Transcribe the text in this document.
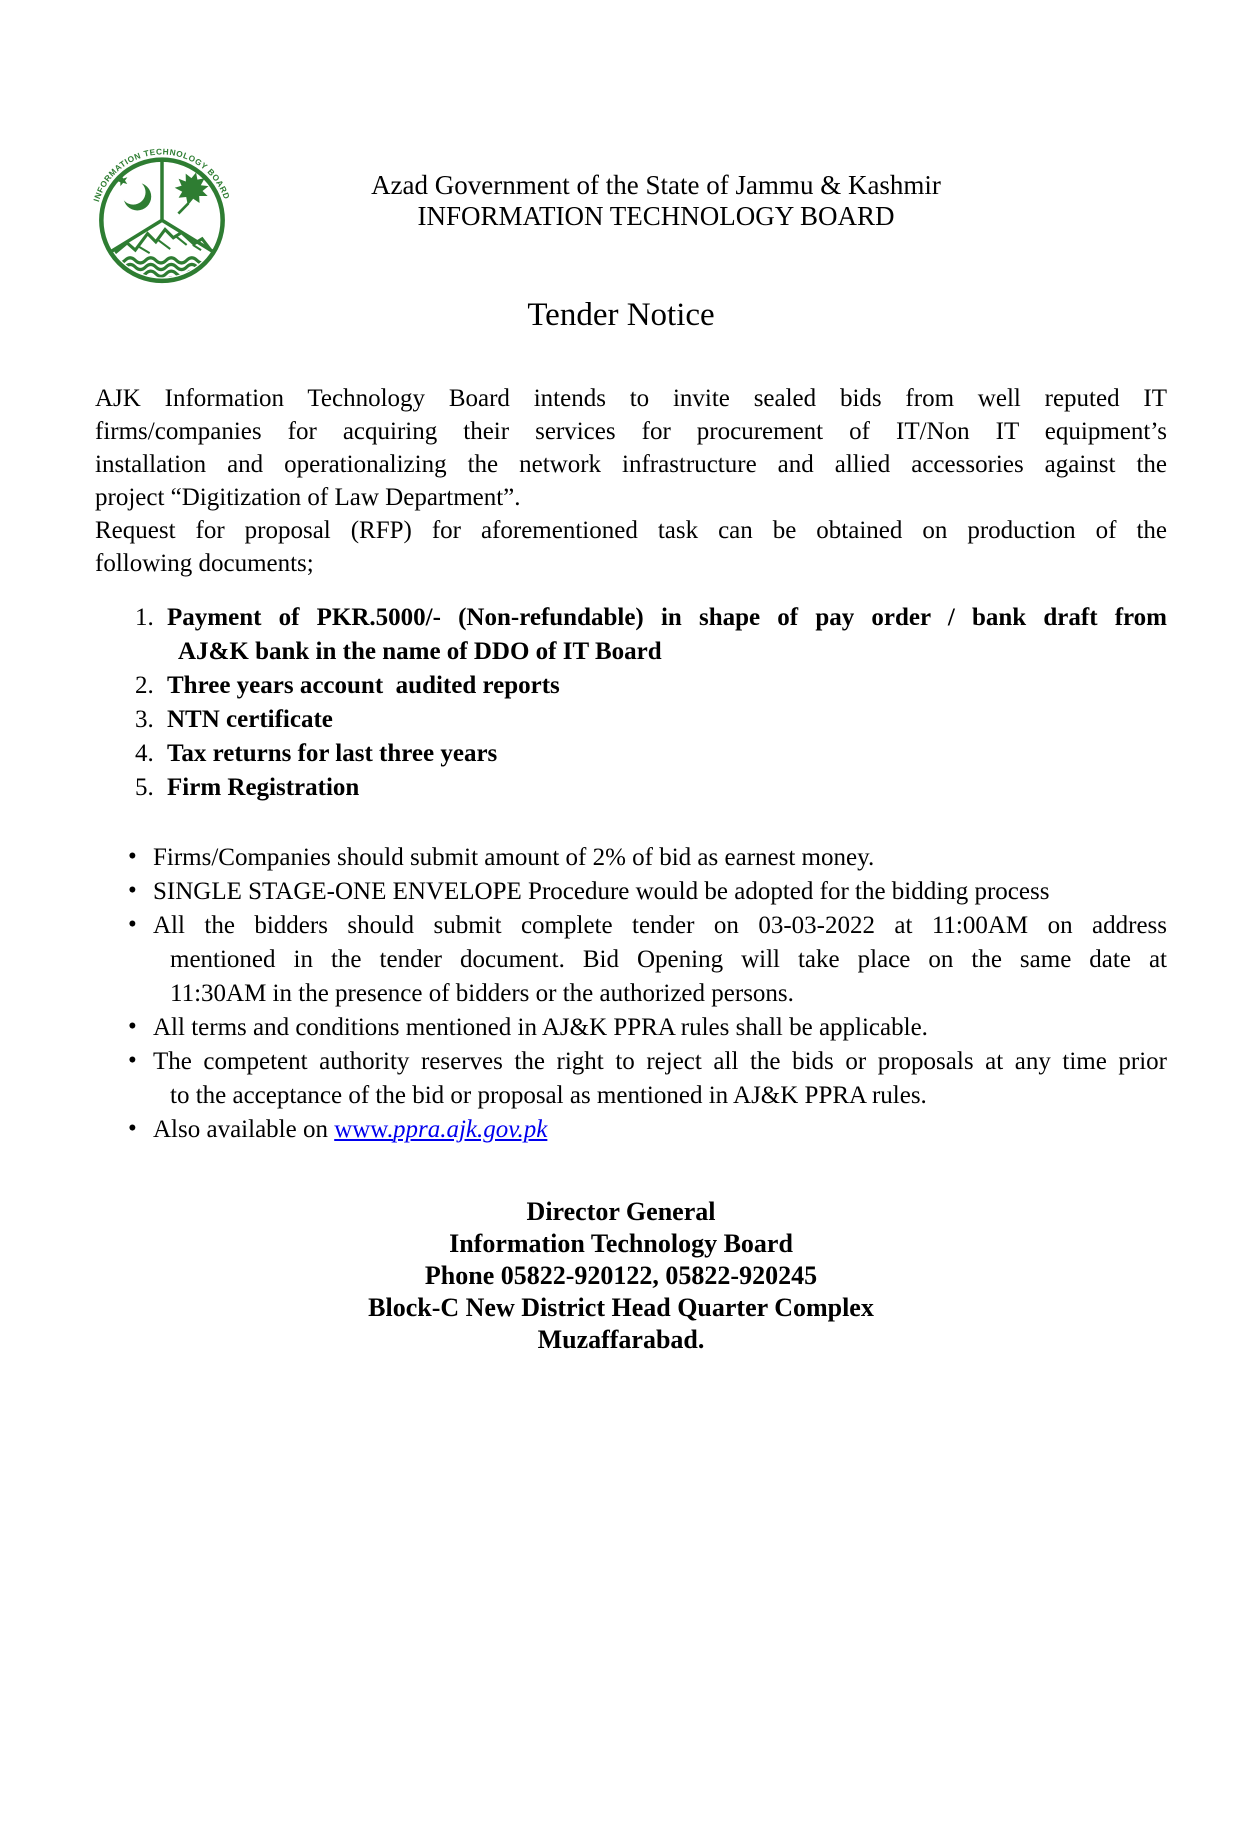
INFORMATION TECHNOLOGY BOARD	Azad Government of the State of Jammu & Kashmir
INFORMATION TECHNOLOGY BOARD
Tender Notice
AJK Information Technology Board intends to invite sealed bids from well reputed IT
firms/companies for acquiring their services for procurement of IT/Non IT equipment’s
installation and operationalizing the network infrastructure and allied accessories against the
project “Digitization of Law Department”.
Request for proposal (RFP) for aforementioned task can be obtained on production of the
following documents;
1. Payment of PKR.5000/- (Non-refundable) in shape of pay order / bank draft from
AJ&K bank in the name of DDO of IT Board
2. Three years account  audited reports
3. NTN certificate
4. Tax returns for last three years
5. Firm Registration
• Firms/Companies should submit amount of 2% of bid as earnest money.
• SINGLE STAGE-ONE ENVELOPE Procedure would be adopted for the bidding process
• All the bidders should submit complete tender on 03-03-2022 at 11:00AM on address
mentioned in the tender document. Bid Opening will take place on the same date at
11:30AM in the presence of bidders or the authorized persons.
• All terms and conditions mentioned in AJ&K PPRA rules shall be applicable.
• The competent authority reserves the right to reject all the bids or proposals at any time prior
to the acceptance of the bid or proposal as mentioned in AJ&K PPRA rules.
• Also available on www.ppra.ajk.gov.pk
Director General
Information Technology Board
Phone 05822-920122, 05822-920245
Block-C New District Head Quarter Complex
Muzaffarabad.
